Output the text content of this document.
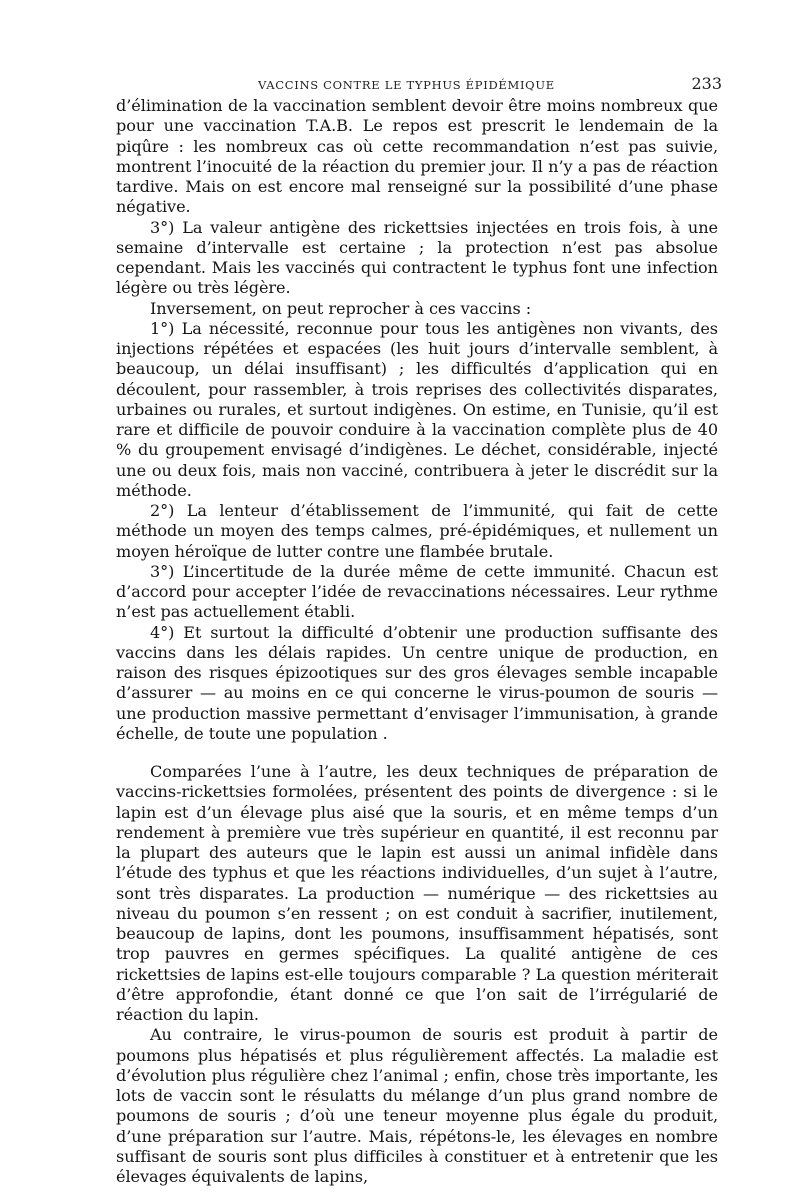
VACCINS CONTRE LE TYPHUS ÉPIDÉMIQUE	233

d’élimination de la vaccination semblent devoir être moins nombreux que pour une vaccination T.A.B. Le repos est prescrit le lendemain de la piqûre : les nombreux cas où cette recommandation n’est pas suivie, montrent l’inocuité de la réaction du premier jour. Il n’y a pas de réaction tardive. Mais on est encore mal renseigné sur la possibilité d’une phase négative.

3°) La valeur antigène des rickettsies injectées en trois fois, à une semaine d’intervalle est certaine ; la protection n’est pas absolue cependant. Mais les vaccinés qui contractent le typhus font une infection légère ou très légère.

Inversement, on peut reprocher à ces vaccins :

1°) La nécessité, reconnue pour tous les antigènes non vivants, des injections répétées et espacées (les huit jours d’intervalle semblent, à beaucoup, un délai insuffisant) ; les difficultés d’application qui en découlent, pour rassembler, à trois reprises des collectivités disparates, urbaines ou rurales, et surtout indigènes. On estime, en Tunisie, qu’il est rare et difficile de pouvoir conduire à la vaccination complète plus de 40 % du groupement envisagé d’indigènes. Le déchet, considérable, injecté une ou deux fois, mais non vacciné, contribuera à jeter le discrédit sur la méthode.

2°) La lenteur d’établissement de l’immunité, qui fait de cette méthode un moyen des temps calmes, pré-épidémiques, et nullement un moyen héroïque de lutter contre une flambée brutale.

3°) L’incertitude de la durée même de cette immunité. Chacun est d’accord pour accepter l’idée de revaccinations nécessaires. Leur rythme n’est pas actuellement établi.

4°) Et surtout la difficulté d’obtenir une production suffisante des vaccins dans les délais rapides. Un centre unique de production, en raison des risques épizootiques sur des gros élevages semble incapable d’assurer — au moins en ce qui concerne le virus-poumon de souris — une production massive permettant d’envisager l’immunisation, à grande échelle, de toute une population .

Comparées l’une à l’autre, les deux techniques de préparation de vaccins-rickettsies formolées, présentent des points de divergence : si le lapin est d’un élevage plus aisé que la souris, et en même temps d’un rendement à première vue très supérieur en quantité, il est reconnu par la plupart des auteurs que le lapin est aussi un animal infidèle dans l’étude des typhus et que les réactions individuelles, d’un sujet à l’autre, sont très disparates. La production — numérique — des rickettsies au niveau du poumon s’en ressent ; on est conduit à sacrifier, inutilement, beaucoup de lapins, dont les poumons, insuffisamment hépatisés, sont trop pauvres en germes spécifiques. La qualité antigène de ces rickettsies de lapins est-elle toujours comparable ? La question mériterait d’être approfondie, étant donné ce que l’on sait de l’irrégularié de réaction du lapin.

Au contraire, le virus-poumon de souris est produit à partir de poumons plus hépatisés et plus régulièrement affectés. La maladie est d’évolution plus régulière chez l’animal ; enfin, chose très importante, les lots de vaccin sont le résulatts du mélange d’un plus grand nombre de poumons de souris ; d’où une teneur moyenne plus égale du produit, d’une préparation sur l’autre. Mais, répétons-le, les élevages en nombre suffisant de souris sont plus difficiles à constituer et à entretenir que les élevages équivalents de lapins,
